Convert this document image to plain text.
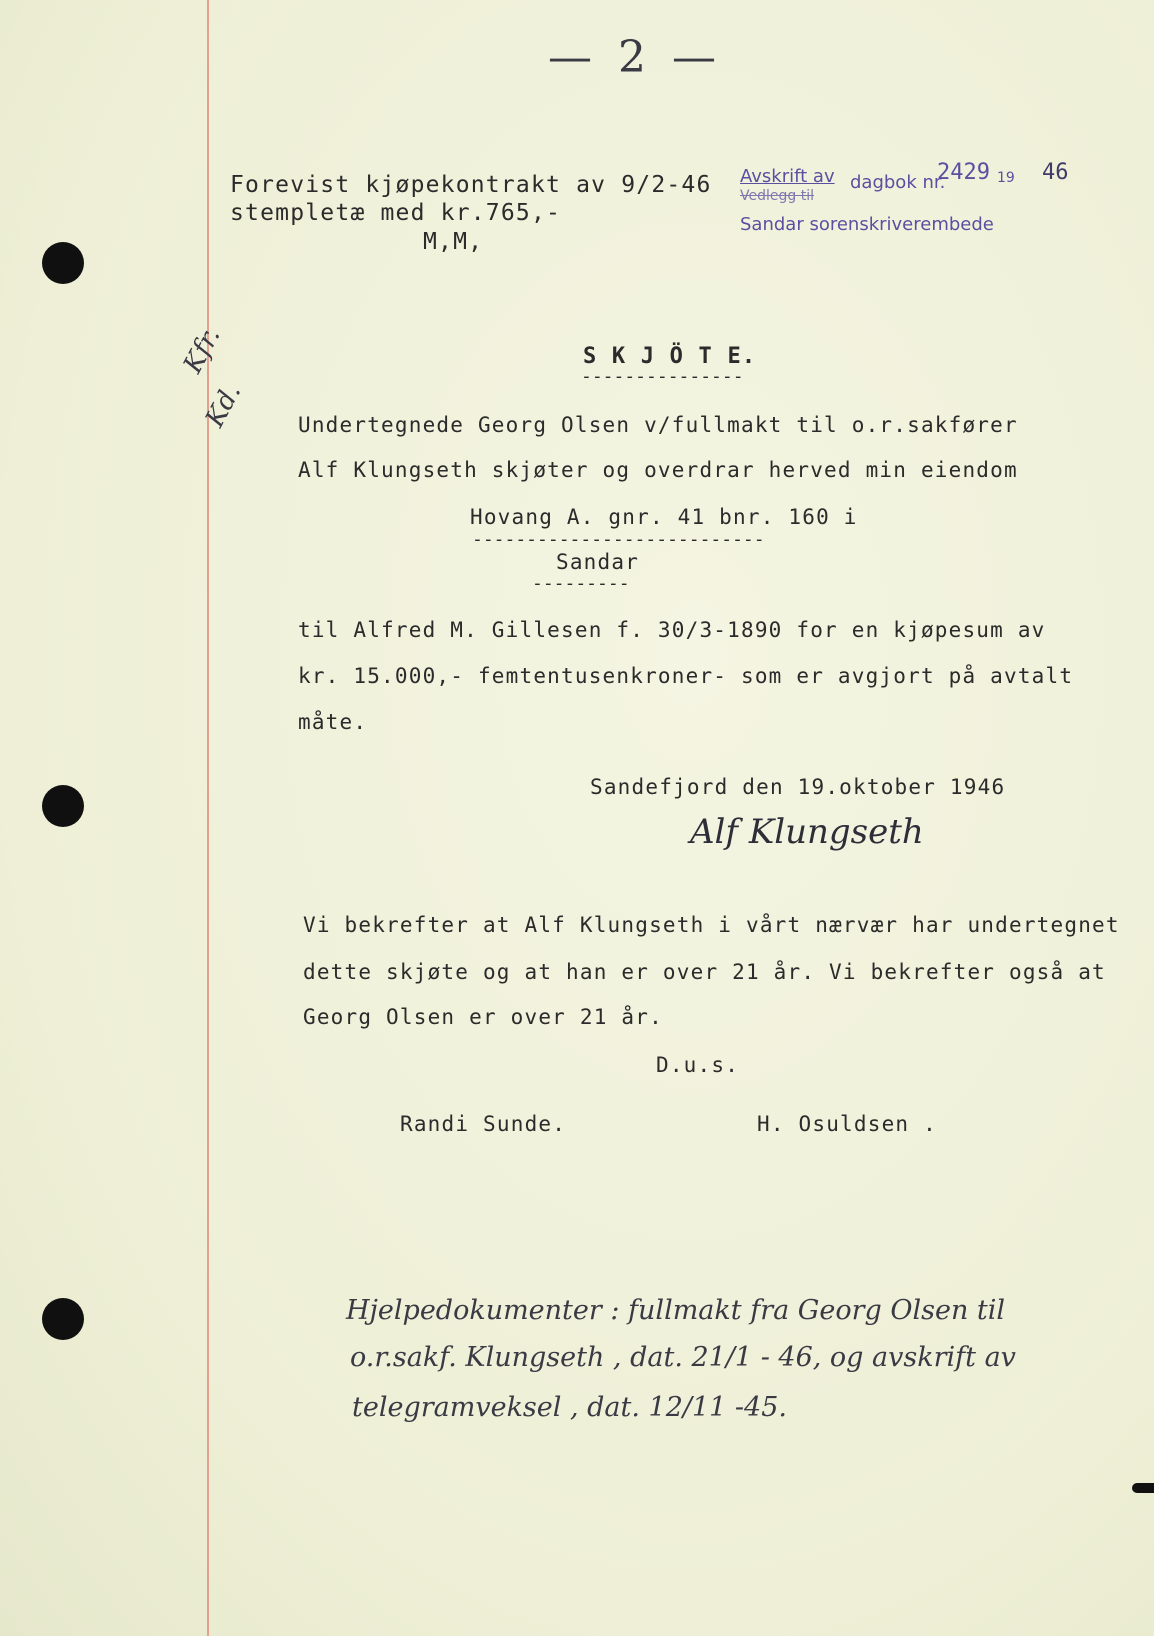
— 2 —
Forevist kjøpekontrakt av 9/2-46
stempletæ med kr.765,-
M,M,
Avskrift av dagbok nr.
2429 19 46
Vedlegg til
Sandar sorenskriverembede
Kfr.
Kd.
S K J Ö T E.
---------------
Undertegnede Georg Olsen v/fullmakt til o.r.sakfører
Alf Klungseth skjøter og overdrar herved min eiendom
Hovang A. gnr. 41 bnr. 160 i
---------------------------
Sandar
---------
til Alfred M. Gillesen f. 30/3-1890 for en kjøpesum av
kr. 15.000,- femtentusenkroner- som er avgjort på avtalt
måte.
Sandefjord den 19.oktober 1946
Alf Klungseth
Vi bekrefter at Alf Klungseth i vårt nærvær har undertegnet
dette skjøte og at han er over 21 år. Vi bekrefter også at
Georg Olsen er over 21 år.
D.u.s.
Randi Sunde.	H. Osuldsen .
Hjelpedokumenter : fullmakt fra Georg Olsen til
o.r.sakf. Klungseth , dat. 21/1 - 46, og avskrift av
telegramveksel , dat. 12/11 -45.
